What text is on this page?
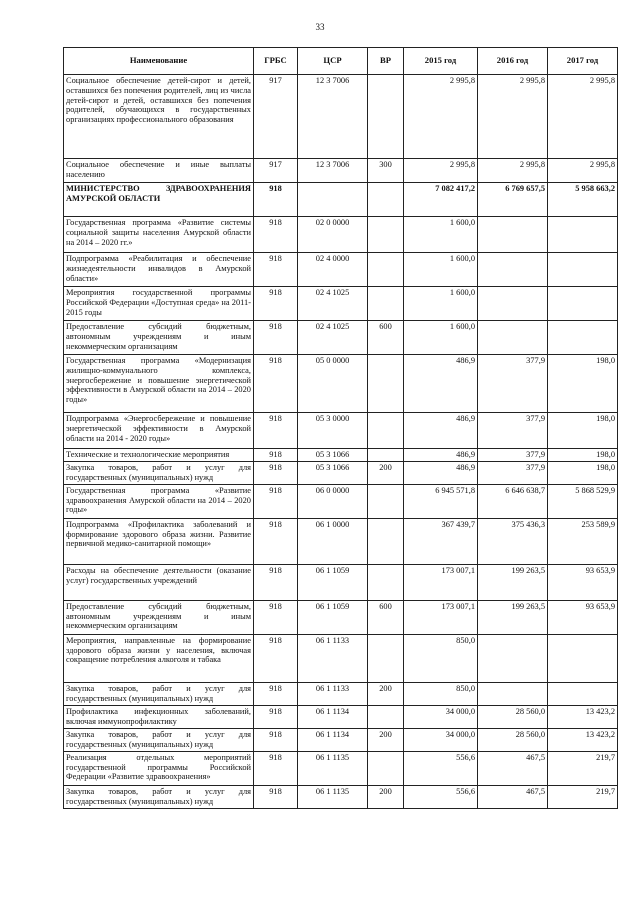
33
Наименование	ГРБС	ЦСР	ВР	2015 год	2016 год	2017 год
Социальное обеспечение детей-сирот и детей, оставшихся без попечения родителей, лиц из числа детей-сирот и детей, оставшихся без попечения родителей, обучающихся в государственных организациях профессионального образования	917	12 3 7006		2 995,8	2 995,8	2 995,8
Социальное обеспечение и иные выплаты населению	917	12 3 7006	300	2 995,8	2 995,8	2 995,8
МИНИСТЕРСТВО ЗДРАВООХРАНЕНИЯ АМУРСКОЙ ОБЛАСТИ	918			7 082 417,2	6 769 657,5	5 958 663,2
Государственная программа «Развитие системы социальной защиты населения Амурской области на 2014 – 2020 гг.»	918	02 0 0000		1 600,0		
Подпрограмма «Реабилитация и обеспечение жизнедеятельности инвалидов в Амурской области»	918	02 4 0000		1 600,0		
Мероприятия государственной программы Российской Федерации «Доступная среда» на 2011-2015 годы	918	02 4 1025		1 600,0		
Предоставление субсидий бюджетным, автономным учреждениям и иным некоммерческим организациям	918	02 4 1025	600	1 600,0		
Государственная программа «Модернизация жилищно-коммунального комплекса, энергосбережение и повышение энергетической эффективности в Амурской области на 2014 – 2020 годы»	918	05 0 0000		486,9	377,9	198,0
Подпрограмма «Энергосбережение и повышение энергетической эффективности в Амурской области на 2014 - 2020 годы»	918	05 3 0000		486,9	377,9	198,0
Технические и технологические мероприятия	918	05 3 1066		486,9	377,9	198,0
Закупка товаров, работ и услуг для государственных (муниципальных) нужд	918	05 3 1066	200	486,9	377,9	198,0
Государственная программа «Развитие здравоохранения Амурской области на 2014 – 2020 годы»	918	06 0 0000		6 945 571,8	6 646 638,7	5 868 529,9
Подпрограмма «Профилактика заболеваний и формирование здорового образа жизни. Развитие первичной медико-санитарной помощи»	918	06 1 0000		367 439,7	375 436,3	253 589,9
Расходы на обеспечение деятельности (оказание услуг) государственных учреждений	918	06 1 1059		173 007,1	199 263,5	93 653,9
Предоставление субсидий бюджетным, автономным учреждениям и иным некоммерческим организациям	918	06 1 1059	600	173 007,1	199 263,5	93 653,9
Мероприятия, направленные на формирование здорового образа жизни у населения, включая сокращение потребления алкоголя и табака	918	06 1 1133		850,0		
Закупка товаров, работ и услуг для государственных (муниципальных) нужд	918	06 1 1133	200	850,0		
Профилактика инфекционных заболеваний, включая иммунопрофилактику	918	06 1 1134		34 000,0	28 560,0	13 423,2
Закупка товаров, работ и услуг для государственных (муниципальных) нужд	918	06 1 1134	200	34 000,0	28 560,0	13 423,2
Реализация отдельных мероприятий государственной программы Российской Федерации «Развитие здравоохранения»	918	06 1 1135		556,6	467,5	219,7
Закупка товаров, работ и услуг для государственных (муниципальных) нужд	918	06 1 1135	200	556,6	467,5	219,7
